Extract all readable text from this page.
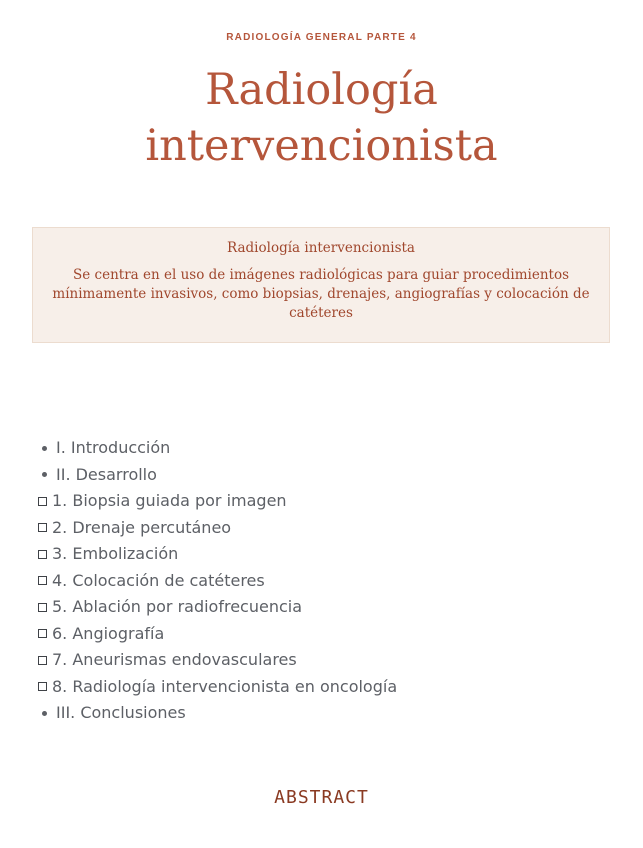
RADIOLOGÍA GENERAL PARTE 4
Radiología
intervencionista
Radiología intervencionista
Se centra en el uso de imágenes radiológicas para guiar procedimientos mínimamente invasivos, como biopsias, drenajes, angiografías y colocación de catéteres
I. Introducción
II. Desarrollo
1. Biopsia guiada por imagen
2. Drenaje percutáneo
3. Embolización
4. Colocación de catéteres
5. Ablación por radiofrecuencia
6. Angiografía
7. Aneurismas endovasculares
8. Radiología intervencionista en oncología
III. Conclusiones
ABSTRACT
